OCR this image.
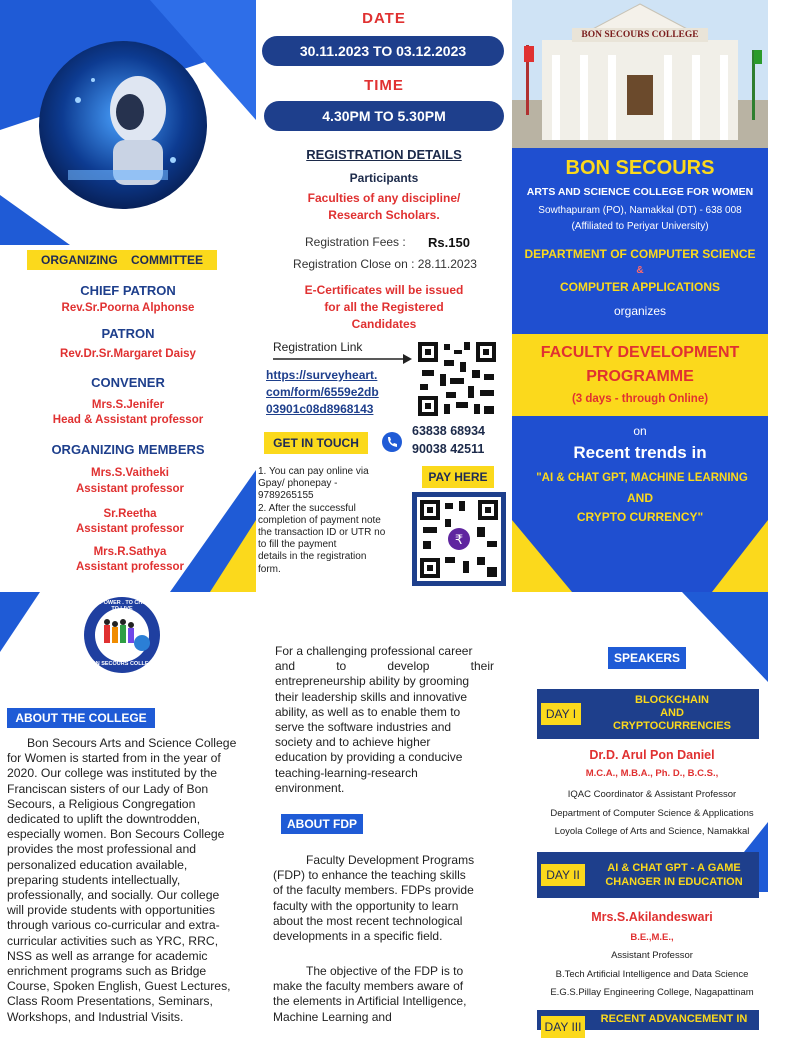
ORGANIZING    COMMITTEE
CHIEF PATRON
Rev.Sr.Poorna Alphonse
PATRON
Rev.Dr.Sr.Margaret Daisy
CONVENER
Mrs.S.Jenifer
Head & Assistant professor
ORGANIZING MEMBERS
Mrs.S.Vaitheki
Assistant professor
Sr.Reetha
Assistant professor
Mrs.R.Sathya
Assistant professor
DATE
30.11.2023 TO 03.12.2023
TIME
4.30PM TO 5.30PM
REGISTRATION DETAILS
Participants
Faculties of any discipline/
Research Scholars.
Registration Fees : Rs.150
Registration Close on : 28.11.2023
E-Certificates will be issued
for all the Registered
Candidates
Registration Link
https://surveyheart.
com/form/6559e2db
03901c08d8968143
GET IN TOUCH
63838 68934
90038 42511
1. You can pay online via
Gpay/ phonepay -
9789265155
2. After the successful
completion of payment note
the transaction ID or UTR no
to fill the payment
details in the registration
form.
PAY HERE
₹
BON SECOURS COLLEGE
BON SECOURS
ARTS AND SCIENCE COLLEGE FOR WOMEN
Sowthapuram (PO), Namakkal (DT) - 638 008
(Affiliated to Periyar University)
DEPARTMENT OF COMPUTER SCIENCE
&
COMPUTER APPLICATIONS
organizes
FACULTY DEVELOPMENT
PROGRAMME
(3 days - through Online)
on
Recent trends in
"AI & CHAT GPT, MACHINE LEARNING
AND
CRYPTO CURRENCY"
TO EMPOWER . TO CHANGE . TO LIVE
BON SECOURS COLLEGE
ABOUT THE COLLEGE
Bon Secours Arts and Science College
for Women is started from in the year of
2020. Our college was instituted by the
Franciscan sisters of our Lady of Bon
Secours, a Religious Congregation
dedicated to uplift the downtrodden,
especially women. Bon Secours College
provides the most professional and
personalized education available,
preparing students intellectually,
professionally, and socially. Our college
will provide students with opportunities
through various co-curricular and extra-
curricular activities such as YRC, RRC,
NSS as well as arrange for academic
enrichment programs such as Bridge
Course, Spoken English, Guest Lectures,
Class Room Presentations, Seminars,
Workshops, and Industrial Visits.
For a challenging professional career
and	to	develop	their
entrepreneurship ability by grooming
their leadership skills and innovative
ability, as well as to enable them to
serve the software industries and
society and to achieve higher
education by providing a conducive
teaching-learning-research
environment.
ABOUT FDP
Faculty Development Programs
(FDP) to enhance the teaching skills
of the faculty members. FDPs provide
faculty with the opportunity to learn
about the most recent technological
developments in a specific field.
The objective of the FDP is to
make the faculty members aware of
the elements in Artificial Intelligence,
Machine Learning and
SPEAKERS
DAY I
BLOCKCHAIN
AND
CRYPTOCURRENCIES
Dr.D. Arul Pon Daniel
M.C.A., M.B.A., Ph. D., B.C.S.,
IQAC Coordinator & Assistant Professor
Department of Computer Science & Applications
Loyola College of Arts and Science, Namakkal
DAY II	AI & CHAT GPT - A GAME
CHANGER IN EDUCATION
Mrs.S.Akilandeswari
B.E.,M.E.,
Assistant Professor
B.Tech Artificial Intelligence and Data Science
E.G.S.Pillay Engineering College, Nagapattinam
DAY III
RECENT ADVANCEMENT IN
